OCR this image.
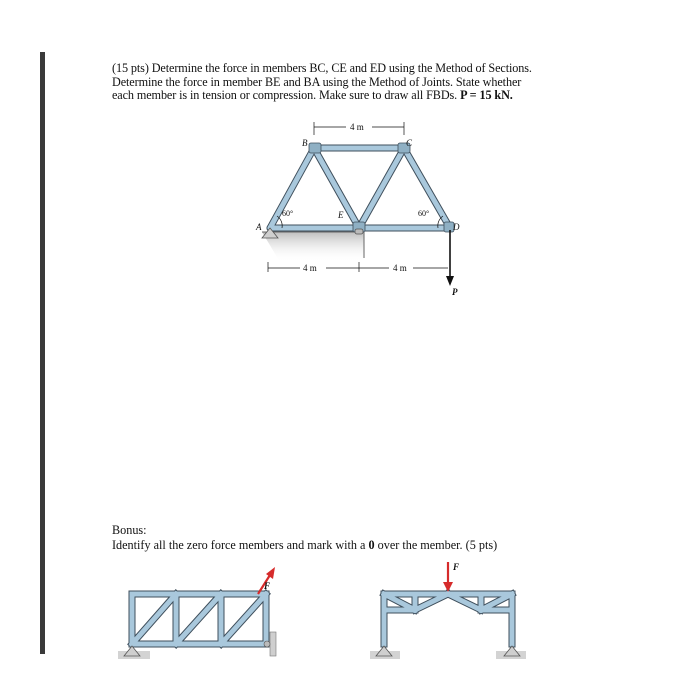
(15 pts) Determine the force in members BC, CE and ED using the Method of Sections.

Determine the force in member BE and BA using the Method of Joints. State whether

each member is in tension or compression. Make sure to draw all FBDs. P = 15 kN.

A
B	C
D
E
60°	60°
4 m
4 m	4 m
P
F
F
Bonus:
Identify all the zero force members and mark with a 0 over the member. (5 pts)
